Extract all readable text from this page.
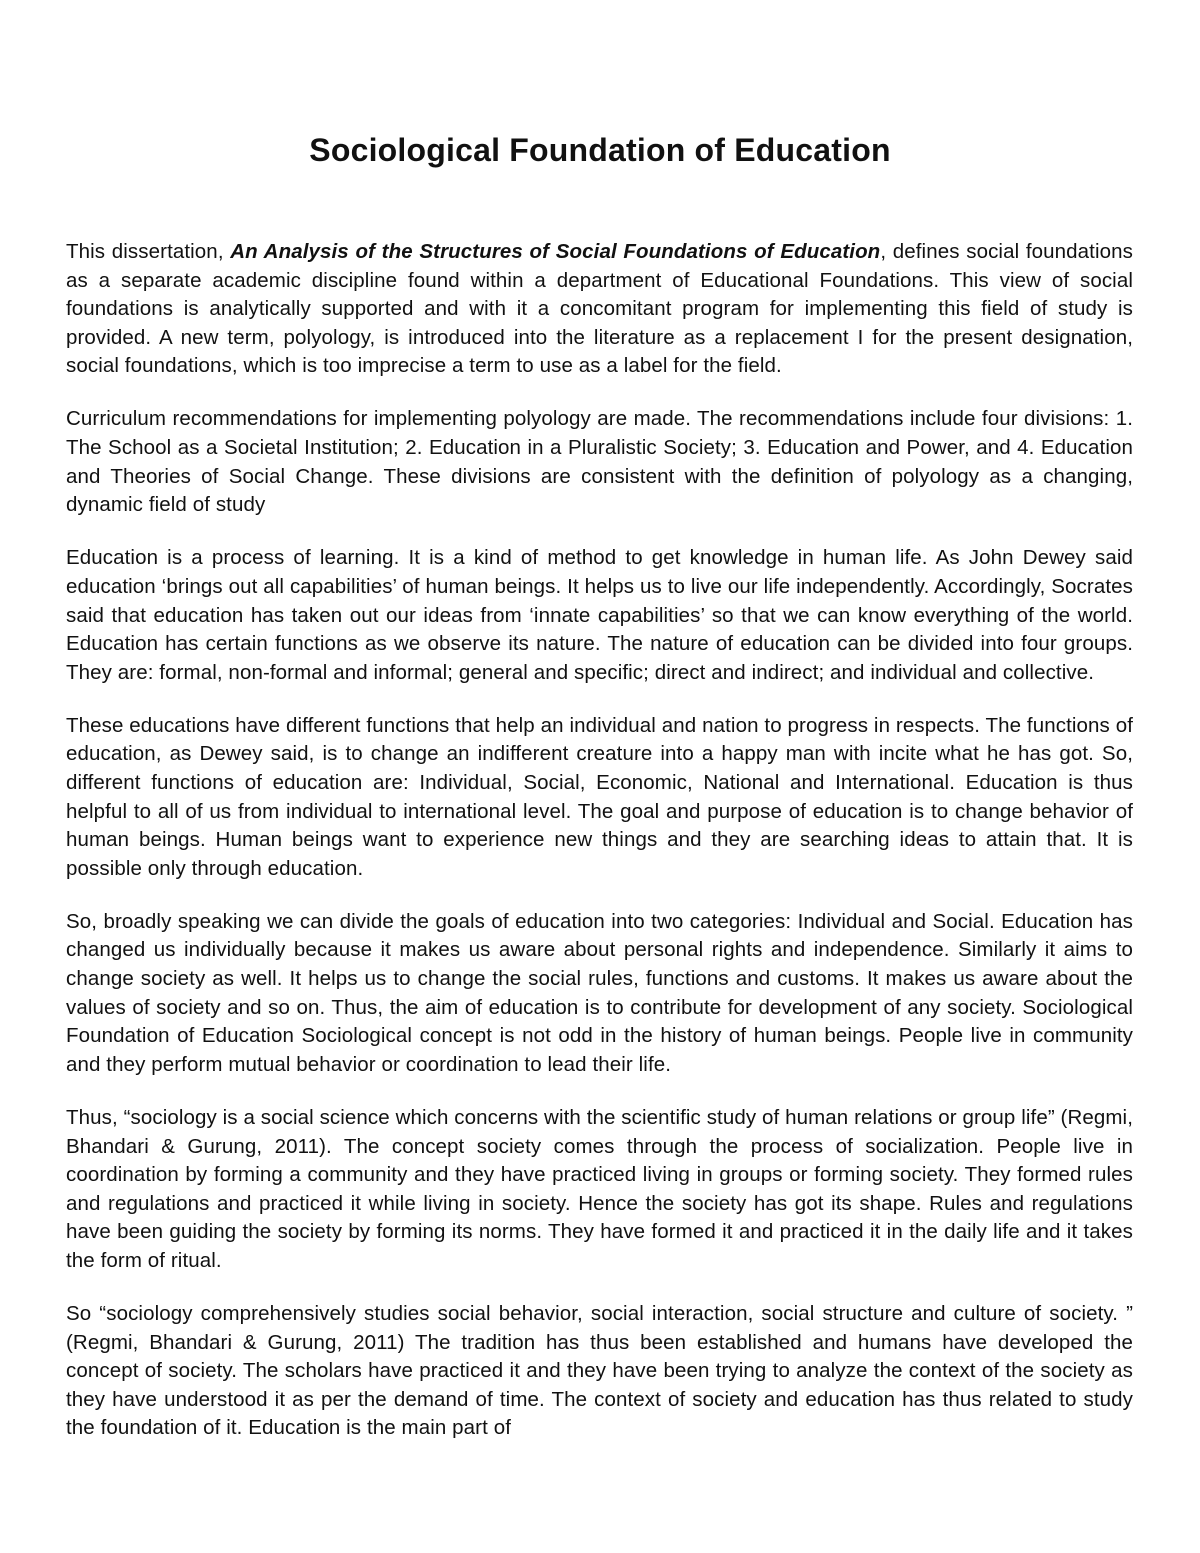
Sociological Foundation of Education

This dissertation, An Analysis of the Structures of Social Foundations of Education, defines social foundations as a separate academic discipline found within a department of Educational Foundations. This view of social foundations is analytically supported and with it a concomitant program for implementing this field of study is provided. A new term, polyology, is introduced into the literature as a replacement I for the present designation, social foundations, which is too imprecise a term to use as a label for the field.

Curriculum recommendations for implementing polyology are made. The recommendations include four divisions: 1. The School as a Societal Institution; 2. Education in a Pluralistic Society; 3. Education and Power, and 4. Education and Theories of Social Change. These divisions are consistent with the definition of polyology as a changing, dynamic field of study

Education is a process of learning. It is a kind of method to get knowledge in human life. As John Dewey said education ‘brings out all capabilities’ of human beings. It helps us to live our life independently. Accordingly, Socrates said that education has taken out our ideas from ‘innate capabilities’ so that we can know everything of the world. Education has certain functions as we observe its nature. The nature of education can be divided into four groups. They are: formal, non-formal and informal; general and specific; direct and indirect; and individual and collective.

These educations have different functions that help an individual and nation to progress in respects. The functions of education, as Dewey said, is to change an indifferent creature into a happy man with incite what he has got. So, different functions of education are: Individual, Social, Economic, National and International. Education is thus helpful to all of us from individual to international level. The goal and purpose of education is to change behavior of human beings. Human beings want to experience new things and they are searching ideas to attain that. It is possible only through education.

So, broadly speaking we can divide the goals of education into two categories: Individual and Social. Education has changed us individually because it makes us aware about personal rights and independence. Similarly it aims to change society as well. It helps us to change the social rules, functions and customs. It makes us aware about the values of society and so on. Thus, the aim of education is to contribute for development of any society. Sociological Foundation of Education Sociological concept is not odd in the history of human beings. People live in community and they perform mutual behavior or coordination to lead their life.

Thus, “sociology is a social science which concerns with the scientific study of human relations or group life” (Regmi, Bhandari & Gurung, 2011). The concept society comes through the process of socialization. People live in coordination by forming a community and they have practiced living in groups or forming society. They formed rules and regulations and practiced it while living in society. Hence the society has got its shape. Rules and regulations have been guiding the society by forming its norms. They have formed it and practiced it in the daily life and it takes the form of ritual.

So “sociology comprehensively studies social behavior, social interaction, social structure and culture of society. ” (Regmi, Bhandari & Gurung, 2011) The tradition has thus been established and humans have developed the concept of society. The scholars have practiced it and they have been trying to analyze the context of the society as they have understood it as per the demand of time. The context of society and education has thus related to study the foundation of it. Education is the main part of
